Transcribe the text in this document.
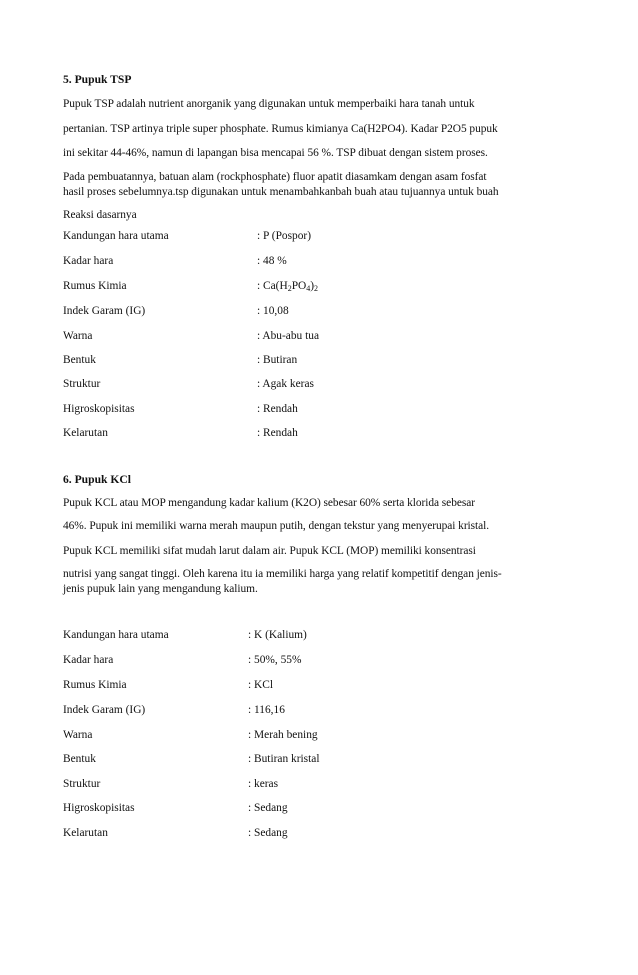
5. Pupuk TSP
Pupuk TSP adalah nutrient anorganik yang digunakan untuk memperbaiki hara tanah untuk
pertanian. TSP artinya triple super phosphate. Rumus kimianya Ca(H2PO4). Kadar P2O5 pupuk
ini sekitar 44-46%, namun di lapangan bisa mencapai 56 %. TSP dibuat dengan sistem proses.
Pada pembuatannya, batuan alam (rockphosphate) fluor apatit diasamkam dengan asam fosfat
hasil proses sebelumnya.tsp digunakan untuk menambahkanbah buah atau tujuannya untuk buah
Reaksi dasarnya
Kandungan hara utama	: P (Pospor)
Kadar hara	: 48 %
Rumus Kimia	: $Ca(H_2PO_4)_2$
Indek Garam (IG)	: 10,08
Warna	: Abu-abu tua
Bentuk	: Butiran
Struktur	: Agak keras
Higroskopisitas	: Rendah
Kelarutan	: Rendah
6. Pupuk KCl
Pupuk KCL atau MOP mengandung kadar kalium (K2O) sebesar 60% serta klorida sebesar
46%. Pupuk ini memiliki warna merah maupun putih, dengan tekstur yang menyerupai kristal.
Pupuk KCL memiliki sifat mudah larut dalam air. Pupuk KCL (MOP) memiliki konsentrasi
nutrisi yang sangat tinggi. Oleh karena itu ia memiliki harga yang relatif kompetitif dengan jenis-
jenis pupuk lain yang mengandung kalium.
Kandungan hara utama	: K (Kalium)
Kadar hara	: 50%, 55%
Rumus Kimia	: KCl
Indek Garam (IG)	: 116,16
Warna	: Merah bening
Bentuk	: Butiran kristal
Struktur	: keras
Higroskopisitas	: Sedang
Kelarutan	: Sedang
